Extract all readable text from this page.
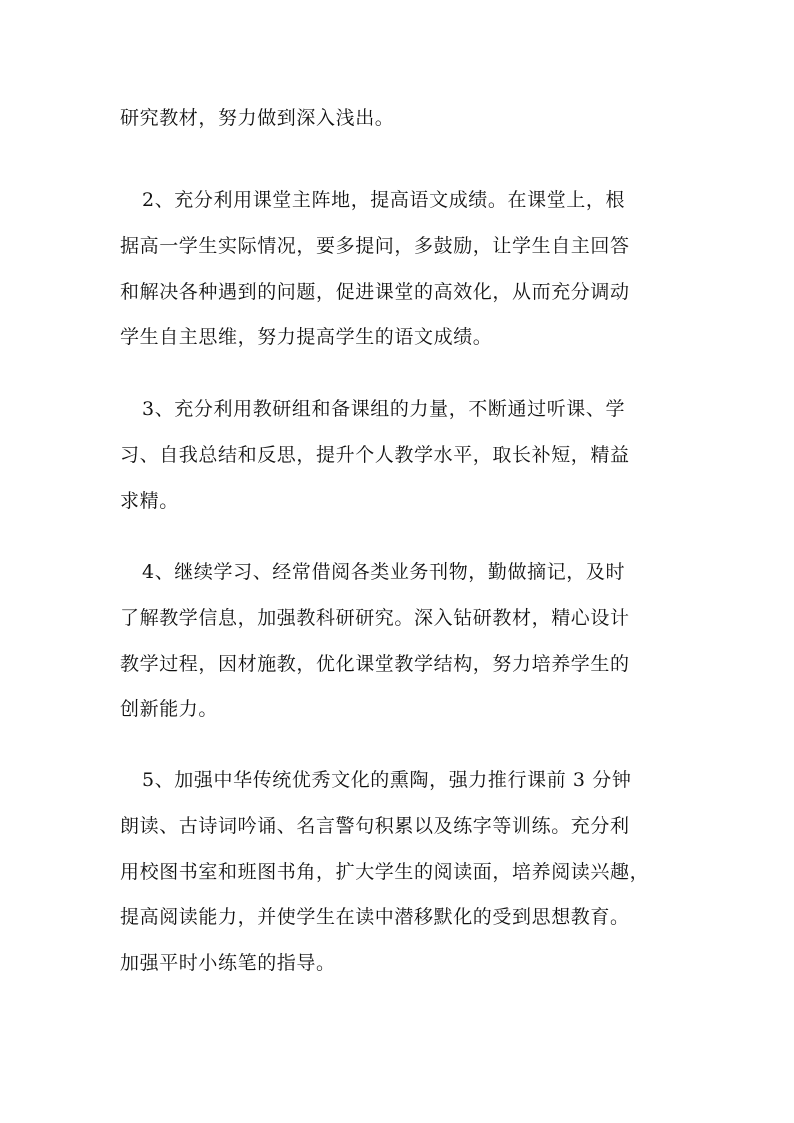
研究教材，努力做到深入浅出。
2、充分利用课堂主阵地，提高语文成绩。在课堂上，根
据高一学生实际情况，要多提问，多鼓励，让学生自主回答
和解决各种遇到的问题，促进课堂的高效化，从而充分调动
学生自主思维，努力提高学生的语文成绩。
3、充分利用教研组和备课组的力量，不断通过听课、学
习、自我总结和反思，提升个人教学水平，取长补短，精益
求精。
4、继续学习、经常借阅各类业务刊物，勤做摘记，及时
了解教学信息，加强教科研研究。深入钻研教材，精心设计
教学过程，因材施教，优化课堂教学结构，努力培养学生的
创新能力。
5、加强中华传统优秀文化的熏陶，强力推行课前 3 分钟
朗读、古诗词吟诵、名言警句积累以及练字等训练。充分利
用校图书室和班图书角，扩大学生的阅读面，培养阅读兴趣，
提高阅读能力，并使学生在读中潜移默化的受到思想教育。
加强平时小练笔的指导。
